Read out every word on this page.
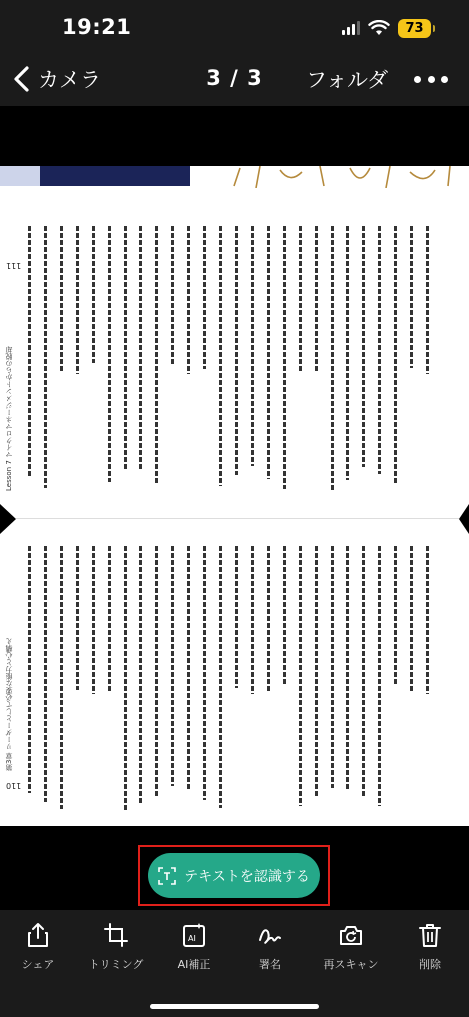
19:21	73
カメラ	3 / 3	フォルダ
111
Lesson 7 マイクロマネージメントからの脱却
110
第3章 リーダーとして必要な能力と心構え
テキストを認識する
シェア	トリミング
AI
AI補正	署名	再スキャン	削除
